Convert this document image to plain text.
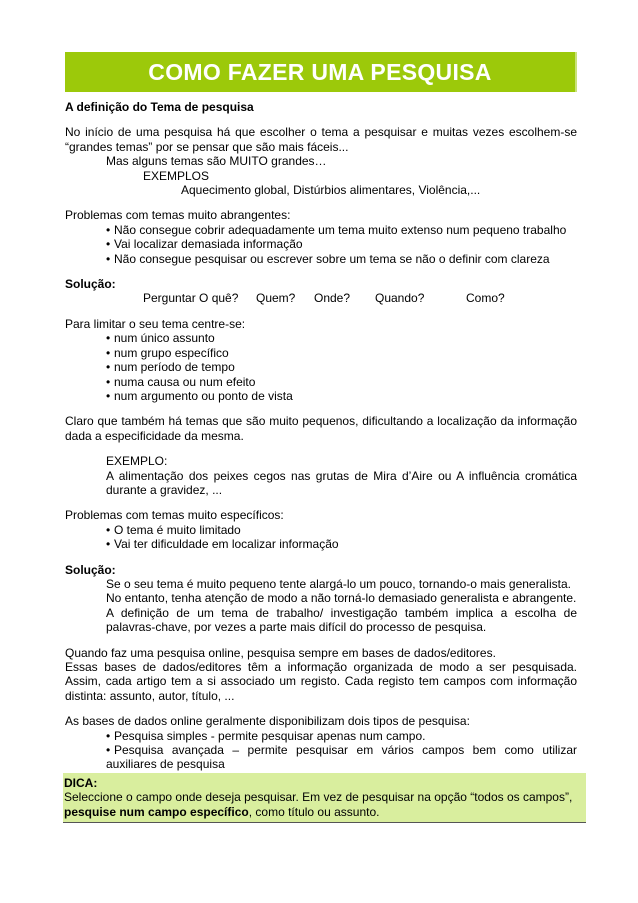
COMO FAZER UMA PESQUISA

A definição do Tema de pesquisa

No início de uma pesquisa há que escolher o tema a pesquisar e muitas vezes escolhem-se “grandes temas” por se pensar que são mais fáceis...

Mas alguns temas são MUITO grandes…

EXEMPLOS

Aquecimento global, Distúrbios alimentares, Violência,...

Problemas com temas muito abrangentes:

• Não consegue cobrir adequadamente um tema muito extenso num pequeno trabalho
• Vai localizar demasiada informação
• Não consegue pesquisar ou escrever sobre um tema se não o definir com clareza

Solução:

Perguntar O quê?	Quem?	Onde?	Quando?	Como?

Para limitar o seu tema centre-se:

• num único assunto
• num grupo específico
• num período de tempo
• numa causa ou num efeito
• num argumento ou ponto de vista

Claro que também há temas que são muito pequenos, dificultando a localização da informação dada a especificidade da mesma.

EXEMPLO:

A alimentação dos peixes cegos nas grutas de Mira d’Aire ou A influência cromática durante a gravidez, ...

Problemas com temas muito específicos:

• O tema é muito limitado
• Vai ter dificuldade em localizar informação

Solução:

Se o seu tema é muito pequeno tente alargá-lo um pouco, tornando-o mais generalista.

No entanto, tenha atenção de modo a não torná-lo demasiado generalista e abrangente.

A definição de um tema de trabalho/ investigação também implica a escolha de palavras-chave, por vezes a parte mais difícil do processo de pesquisa.

Quando faz uma pesquisa online, pesquisa sempre em bases de dados/editores.

Essas bases de dados/editores têm a informação organizada de modo a ser pesquisada. Assim, cada artigo tem a si associado um registo. Cada registo tem campos com informação distinta: assunto, autor, título, ...

As bases de dados online geralmente disponibilizam dois tipos de pesquisa:

• Pesquisa simples - permite pesquisar apenas num campo.
• Pesquisa avançada – permite pesquisar em vários campos bem como utilizar auxiliares de pesquisa

DICA:

Seleccione o campo onde deseja pesquisar. Em vez de pesquisar na opção “todos os campos”,
pesquise num campo específico, como título ou assunto.
